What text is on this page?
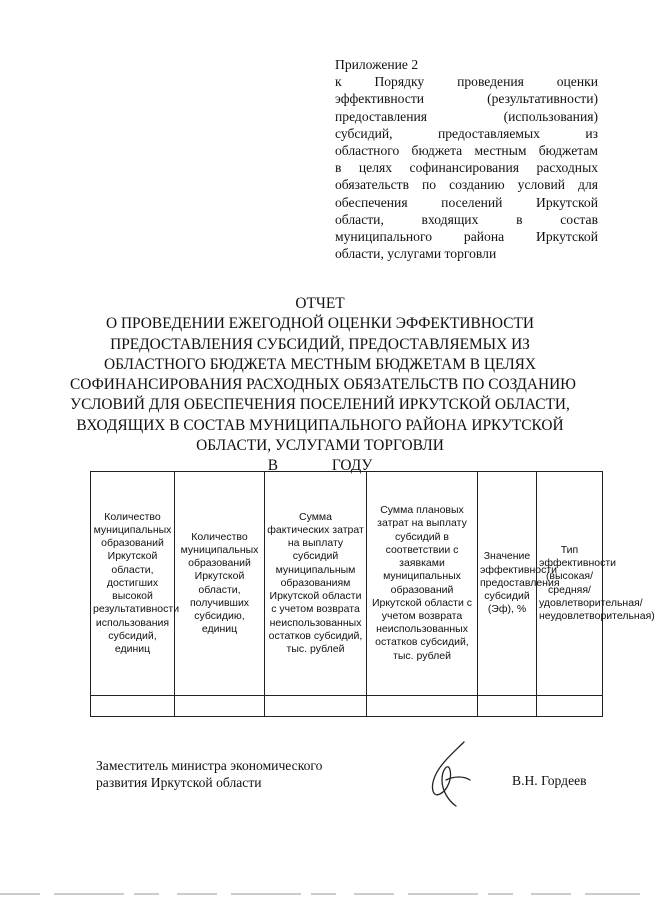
Приложение 2
к Порядку проведения оценки
эффективности (результативности)
предоставления (использования)
субсидий, предоставляемых из
областного бюджета местным бюджетам
в целях софинансирования расходных
обязательств по созданию условий для
обеспечения поселений Иркутской
области, входящих в состав
муниципального района Иркутской
области, услугами торговли
ОТЧЕТ
О ПРОВЕДЕНИИ ЕЖЕГОДНОЙ ОЦЕНКИ ЭФФЕКТИВНОСТИ
ПРЕДОСТАВЛЕНИЯ СУБСИДИЙ, ПРЕДОСТАВЛЯЕМЫХ ИЗ
ОБЛАСТНОГО БЮДЖЕТА МЕСТНЫМ БЮДЖЕТАМ В ЦЕЛЯХ
СОФИНАНСИРОВАНИЯ РАСХОДНЫХ ОБЯЗАТЕЛЬСТВ ПО СОЗДАНИЮ
УСЛОВИЙ ДЛЯ ОБЕСПЕЧЕНИЯ ПОСЕЛЕНИЙ ИРКУТСКОЙ ОБЛАСТИ,
ВХОДЯЩИХ В СОСТАВ МУНИЦИПАЛЬНОГО РАЙОНА ИРКУТСКОЙ
ОБЛАСТИ, УСЛУГАМИ ТОРГОВЛИ
В ______ ГОДУ
Количество муниципальных образований Иркутской области, достигших высокой результативности использования субсидий, единиц	Количество муниципальных образований Иркутской области, получивших субсидию, единиц	Сумма фактических затрат на выплату субсидий муниципальным образованиям Иркутской области с учетом возврата неиспользованных остатков субсидий, тыс. рублей	Сумма плановых затрат на выплату субсидий в соответствии с заявками муниципальных образований Иркутской области с учетом возврата неиспользованных остатков субсидий, тыс. рублей	Значение эффективности предоставления субсидий (Эф), %	Тип эффективности (высокая/средняя/удовлетворительная/неудовлетворительная)

Заместитель министра экономического
развития Иркутской области	В.Н. Гордеев
